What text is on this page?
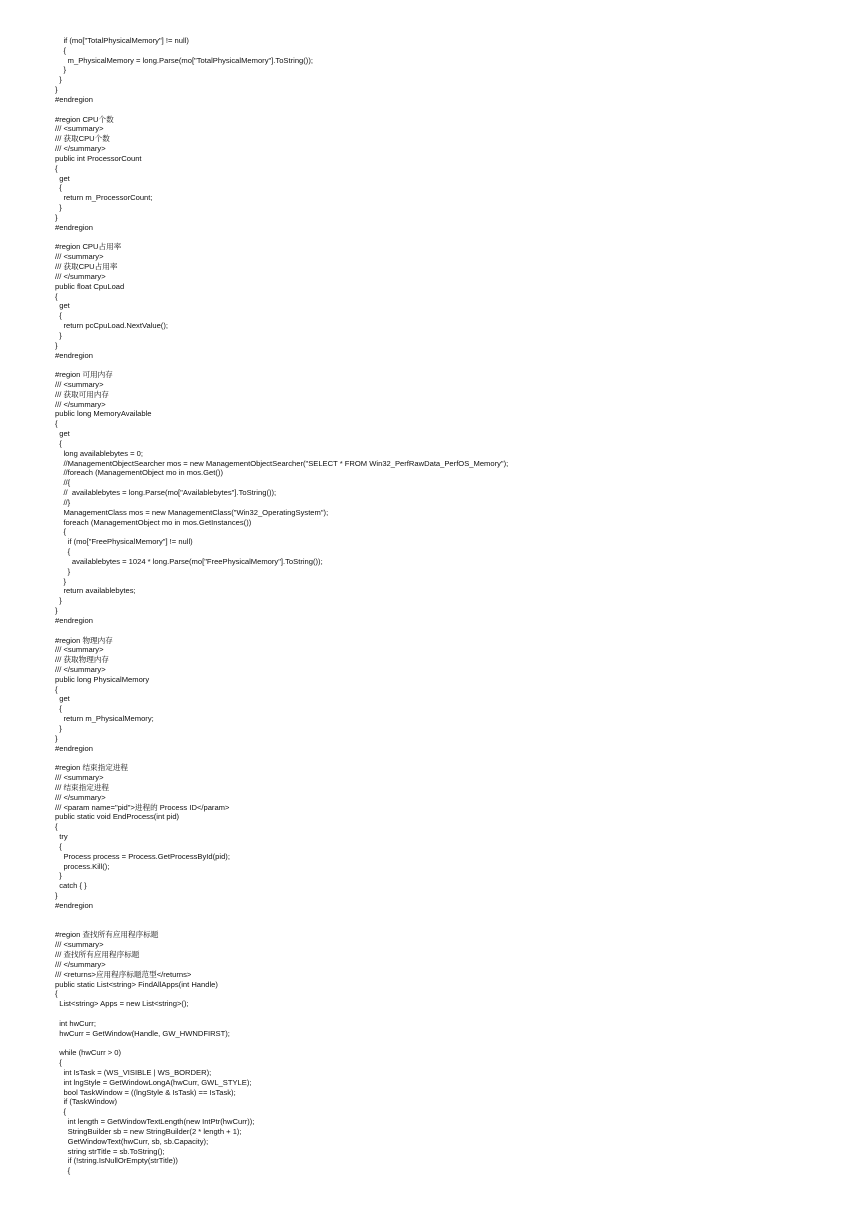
if (mo["TotalPhysicalMemory"] != null)
{
m_PhysicalMemory = long.Parse(mo["TotalPhysicalMemory"].ToString());
}
}
}
#endregion
#region CPU个数
/// <summary>
/// 获取CPU个数
/// </summary>
public int ProcessorCount
{
get
{
return m_ProcessorCount;
}
}
#endregion
#region CPU占用率
/// <summary>
/// 获取CPU占用率
/// </summary>
public float CpuLoad
{
get
{
return pcCpuLoad.NextValue();
}
}
#endregion
#region 可用内存
/// <summary>
/// 获取可用内存
/// </summary>
public long MemoryAvailable
{
get
{
long availablebytes = 0;
//ManagementObjectSearcher mos = new ManagementObjectSearcher("SELECT * FROM Win32_PerfRawData_PerfOS_Memory");
//foreach (ManagementObject mo in mos.Get())
//{
//  availablebytes = long.Parse(mo["Availablebytes"].ToString());
//}
ManagementClass mos = new ManagementClass("Win32_OperatingSystem");
foreach (ManagementObject mo in mos.GetInstances())
{
if (mo["FreePhysicalMemory"] != null)
{
availablebytes = 1024 * long.Parse(mo["FreePhysicalMemory"].ToString());
}
}
return availablebytes;
}
}
#endregion
#region 物理内存
/// <summary>
/// 获取物理内存
/// </summary>
public long PhysicalMemory
{
get
{
return m_PhysicalMemory;
}
}
#endregion
#region 结束指定进程
/// <summary>
/// 结束指定进程
/// </summary>
/// <param name="pid">进程的 Process ID</param>
public static void EndProcess(int pid)
{
try
{
Process process = Process.GetProcessById(pid);
process.Kill();
}
catch { }
}
#endregion
#region 查找所有应用程序标题
/// <summary>
/// 查找所有应用程序标题
/// </summary>
/// <returns>应用程序标题范型</returns>
public static List<string> FindAllApps(int Handle)
{
List<string> Apps = new List<string>();
int hwCurr;
hwCurr = GetWindow(Handle, GW_HWNDFIRST);
while (hwCurr > 0)
{
int IsTask = (WS_VISIBLE | WS_BORDER);
int lngStyle = GetWindowLongA(hwCurr, GWL_STYLE);
bool TaskWindow = ((lngStyle & IsTask) == IsTask);
if (TaskWindow)
{
int length = GetWindowTextLength(new IntPtr(hwCurr));
StringBuilder sb = new StringBuilder(2 * length + 1);
GetWindowText(hwCurr, sb, sb.Capacity);
string strTitle = sb.ToString();
if (!string.IsNullOrEmpty(strTitle))
{
